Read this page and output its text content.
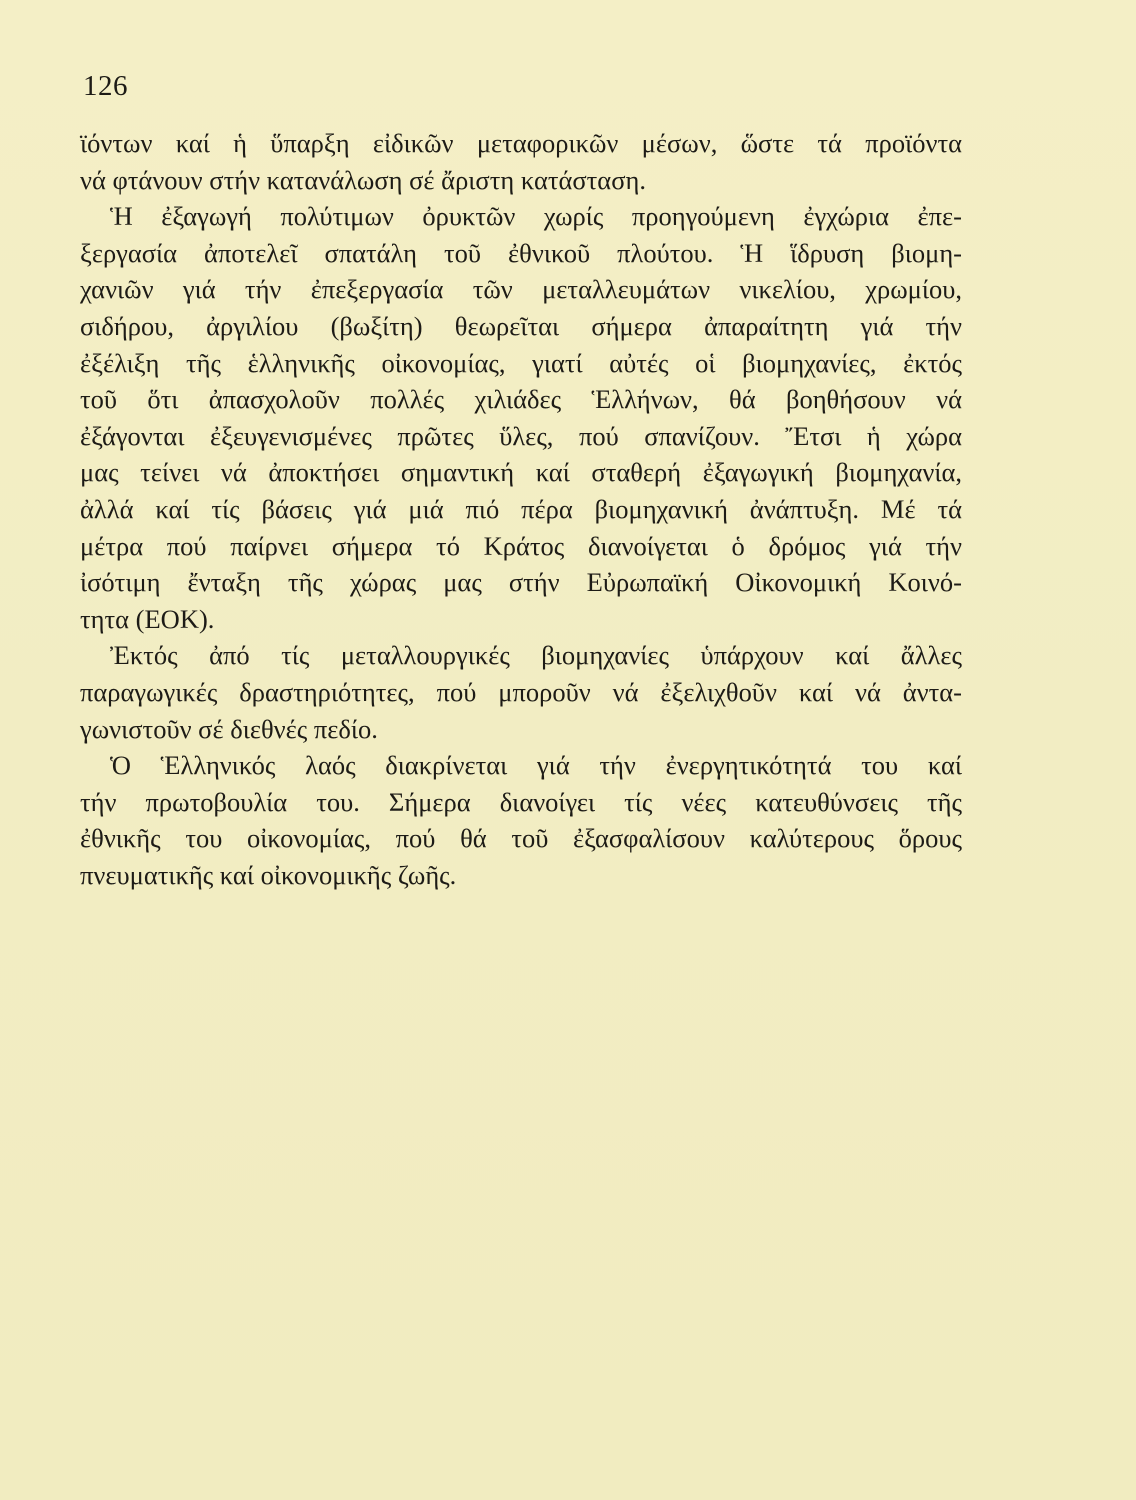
126
ϊόντων καί ἡ ὕπαρξη εἰδικῶν μεταφορικῶν μέσων, ὥστε τά προϊόντα
νά φτάνουν στήν κατανάλωση σέ ἄριστη κατάσταση.
Ἡ ἐξαγωγή πολύτιμων ὀρυκτῶν χωρίς προηγούμενη ἐγχώρια ἐπε-
ξεργασία ἀποτελεῖ σπατάλη τοῦ ἐθνικοῦ πλούτου. Ἡ ἵδρυση βιομη-
χανιῶν γιά τήν ἐπεξεργασία τῶν μεταλλευμάτων νικελίου, χρωμίου,
σιδήρου, ἀργιλίου (βωξίτη) θεωρεῖται σήμερα ἀπαραίτητη γιά τήν
ἐξέλιξη τῆς ἑλληνικῆς οἰκονομίας, γιατί αὐτές οἱ βιομηχανίες, ἐκτός
τοῦ ὅτι ἀπασχολοῦν πολλές χιλιάδες Ἑλλήνων, θά βοηθήσουν νά
ἐξάγονται ἐξευγενισμένες πρῶτες ὕλες, πού σπανίζουν. Ἔτσι ἡ χώρα
μας τείνει νά ἀποκτήσει σημαντική καί σταθερή ἐξαγωγική βιομηχανία,
ἀλλά καί τίς βάσεις γιά μιά πιό πέρα βιομηχανική ἀνάπτυξη. Μέ τά
μέτρα πού παίρνει σήμερα τό Κράτος διανοίγεται ὁ δρόμος γιά τήν
ἰσότιμη ἔνταξη τῆς χώρας μας στήν Εὐρωπαϊκή Οἰκονομική Κοινό-
τητα (ΕΟΚ).
Ἐκτός ἀπό τίς μεταλλουργικές βιομηχανίες ὑπάρχουν καί ἄλλες
παραγωγικές δραστηριότητες, πού μποροῦν νά ἐξελιχθοῦν καί νά ἀντα-
γωνιστοῦν σέ διεθνές πεδίο.
Ὁ Ἑλληνικός λαός διακρίνεται γιά τήν ἐνεργητικότητά του καί
τήν πρωτοβουλία του. Σήμερα διανοίγει τίς νέες κατευθύνσεις τῆς
ἐθνικῆς του οἰκονομίας, πού θά τοῦ ἐξασφαλίσουν καλύτερους ὅρους
πνευματικῆς καί οἰκονομικῆς ζωῆς.
